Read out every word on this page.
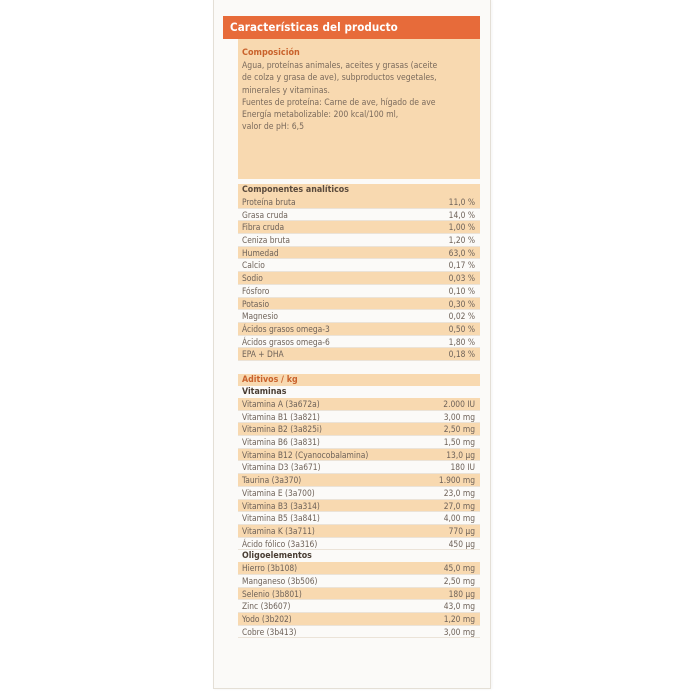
Características del producto
Composición
Agua, proteínas animales, aceites y grasas (aceite
de colza y grasa de ave), subproductos vegetales,
minerales y vitaminas.
Fuentes de proteína: Carne de ave, hígado de ave
Energía metabolizable: 200 kcal/100 ml,
valor de pH: 6,5
Componentes analíticos
Proteína bruta	11,0 %
Grasa cruda	14,0 %
Fibra cruda	1,00 %
Ceniza bruta	1,20 %
Humedad	63,0 %
Calcio	0,17 %
Sodio	0,03 %
Fósforo	0,10 %
Potasio	0,30 %
Magnesio	0,02 %
Ácidos grasos omega-3	0,50 %
Ácidos grasos omega-6	1,80 %
EPA + DHA	0,18 %
Aditivos / kg
Vitaminas
Vitamina A (3a672a)	2.000 IU
Vitamina B1 (3a821)	3,00 mg
Vitamina B2 (3a825i)	2,50 mg
Vitamina B6 (3a831)	1,50 mg
Vitamina B12 (Cyanocobalamina)	13,0 µg
Vitamina D3 (3a671)	180 IU
Taurina (3a370)	1.900 mg
Vitamina E (3a700)	23,0 mg
Vitamina B3 (3a314)	27,0 mg
Vitamina B5 (3a841)	4,00 mg
Vitamina K (3a711)	770 µg
Ácido fólico (3a316)	450 µg
Oligoelementos
Hierro (3b108)	45,0 mg
Manganeso (3b506)	2,50 mg
Selenio (3b801)	180 µg
Zinc (3b607)	43,0 mg
Yodo (3b202)	1,20 mg
Cobre (3b413)	3,00 mg
